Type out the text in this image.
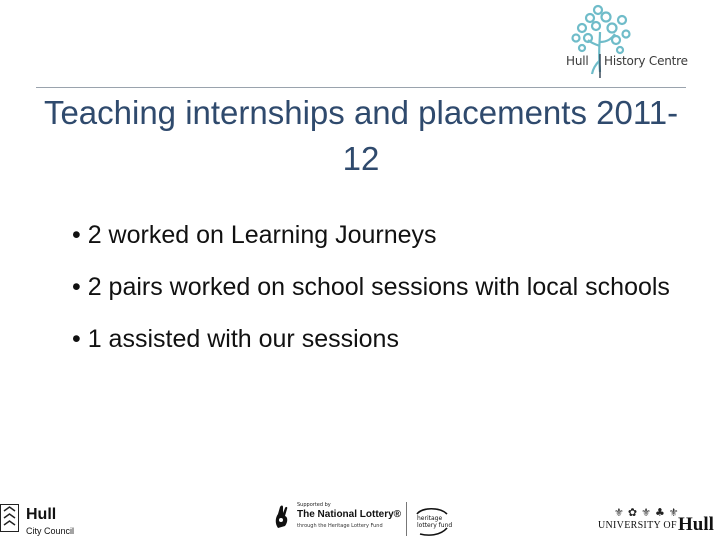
Hull History Centre
Teaching internships and placements 2011-12
• 2 worked on Learning Journeys
• 2 pairs worked on school sessions with local schools
• 1 assisted with our sessions
Hull
City Council
Supported by
The National Lottery®
through the Heritage Lottery Fund
heritage lottery fund
⚜✿⚜♣⚜
UNIVERSITY OF Hull
